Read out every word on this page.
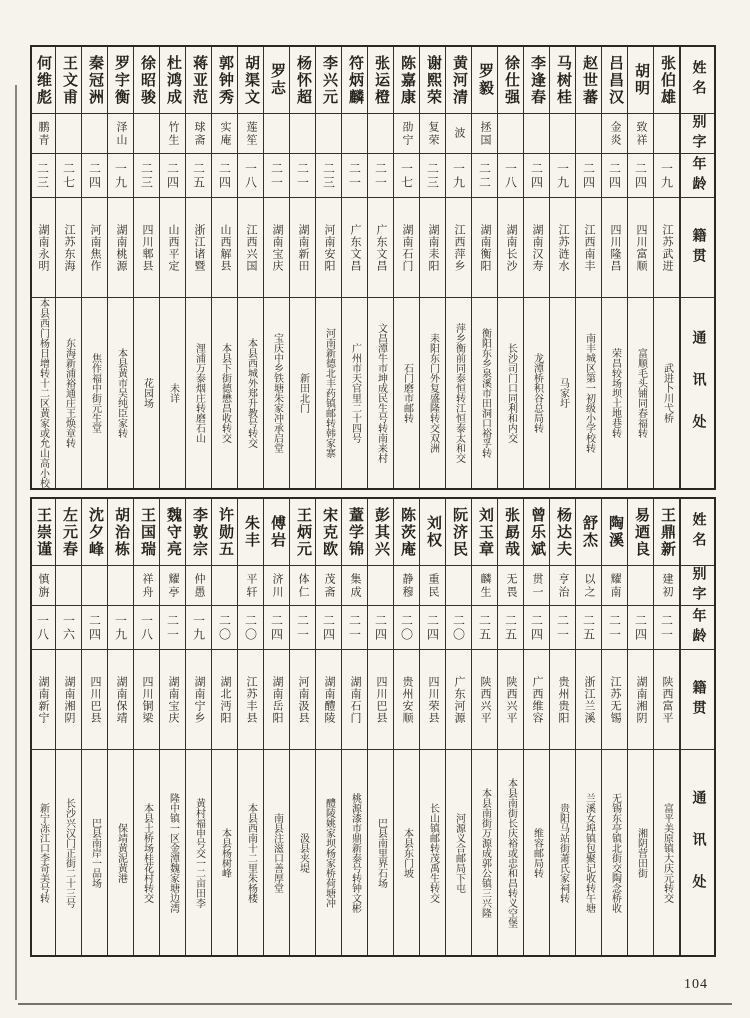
姓名
别字
年龄
籍贯
通讯处
张伯雄
一九
江苏武进
武进卜川弋桥
胡明
致祥
二四
四川富顺
富顺毛头铺同春福转
吕昌汉
金炎
二四
四川隆昌
荣昌较场坝土地巷转
赵世蕃
二四
江西南丰
南丰城区第一初级小学校转
马树桂
一九
江苏涟水
马家圩
李逢春
二四
湖南汉寿
龙潭桥积谷总局转
徐仕强
一八
湖南长沙
长沙司门口同利和内交
罗毅
拯国
二二
湖南衡阳
衡阳东乡泉溪市田洞口裕孚转
黄河清
波
一九
江西萍乡
萍乡衡前同泰恒转江恒泰太和交
谢熙荣
复荣
二三
湖南耒阳
耒阳东门外复盛隆转交双洲
陈嘉康
劭宁
一七
湖南石门
石门磨市邮转
张运橙
二一
广东文昌
文昌潭牛市坤成民生号转南来村
符炳麟
二一
广东文昌
广州市天官里二十四号
李兴元
二三
河南安阳
河南新德北丰药镇邮转韩家寨
杨怀超
二一
湖南新田
新田北门
罗志
二一
湖南宝庆
宝庆中乡铁塘朱家冲承启堂
胡渠文
莲笙
一八
江西兴国
本县西城外郑升教号转交
郭钟秀
实庵
二四
山西解县
本县下街德懋昌收转交
蒋亚范
球斋
二五
浙江诸暨
浬浦万泰烟庄转磨石山
杜鸿成
竹生
二四
山西平定
未详
徐昭骏
二三
四川郫县
花园场
罗宇衡
泽山
一九
湖南桃源
本县黄市吴纯臣家转
秦冠洲
二四
河南焦作
焦作福中街元生堂
王文甫
二七
江苏东海
东海新浦裕通庄王焕章转
何维彪
鹏青
二三
湖南永明
本县西门杨日增转十二区黄家或允山高小校
姓名
别字
年龄
籍贯
通讯处
王鼎新
建初
二一
陕西富平
富平美原镇大庆元转交
易迺良
二四
湖南湘阴
湘阴营田街
陶溪
耀南
二一
江苏无锡
无锡东亭镇北街交陶念桥收
舒杰
以之
二五
浙江兰溪
兰溪女埠镇包聚记收转午塘
杨达夫
亨治
二一
贵州贵阳
贵阳马站街萧氏家祠转
曾乐斌
贯一
二四
广西维容
维容邮局转
张勗哉
无畏
二五
陕西兴平
本县南街长庆裕或忠和昌转义空堡
刘玉章
麟生
二五
陕西兴平
本县南街万源成郭公镇三兴隆
阮济民
二〇
广东河源
河源义合邮局下屯
刘权
重民
二四
四川荣县
长山镇邮转茂禹生转交
陈茨庵
静穆
二〇
贵州安顺
本县东门坡
彭其兴
二四
四川巴县
巴县南里界石场
蕫学锦
集成
二一
湖南石门
桃源漆市鼎新泰号转钟文彬
宋克欧
茂斋
二四
湖南醴陵
醴陵姚家坝杨家桥荷塘冲
王炳元
体仁
二一
河南汲县
汲县夹堤
傅岩
济川
二四
湖南岳阳
南县注滋口善厚堂
朱丰
平轩
二〇
江苏丰县
本县西南十二里朱杨楼
许勋五
二〇
湖北沔阳
本县杨树峰
李敦宗
仲愚
一九
湖南宁乡
黄村福申号交一二亩田李
魏守亮
耀亭
二一
湖南宝庆
隆中镇一区金潭魏家塘边湾
王国瑞
祥舟
一八
四川铜梁
本县土桥场桂花村转交
胡治栋
一九
湖南保靖
保靖黄泥黄港
沈夕峰
二四
四川巴县
巴县南岸一品场
左元春
一六
湖南湘阴
长沙兴汉门正街二十三号
王崇谨
慎旃
一八
湖南新宁
新宁冻江口李奇美号转
104
